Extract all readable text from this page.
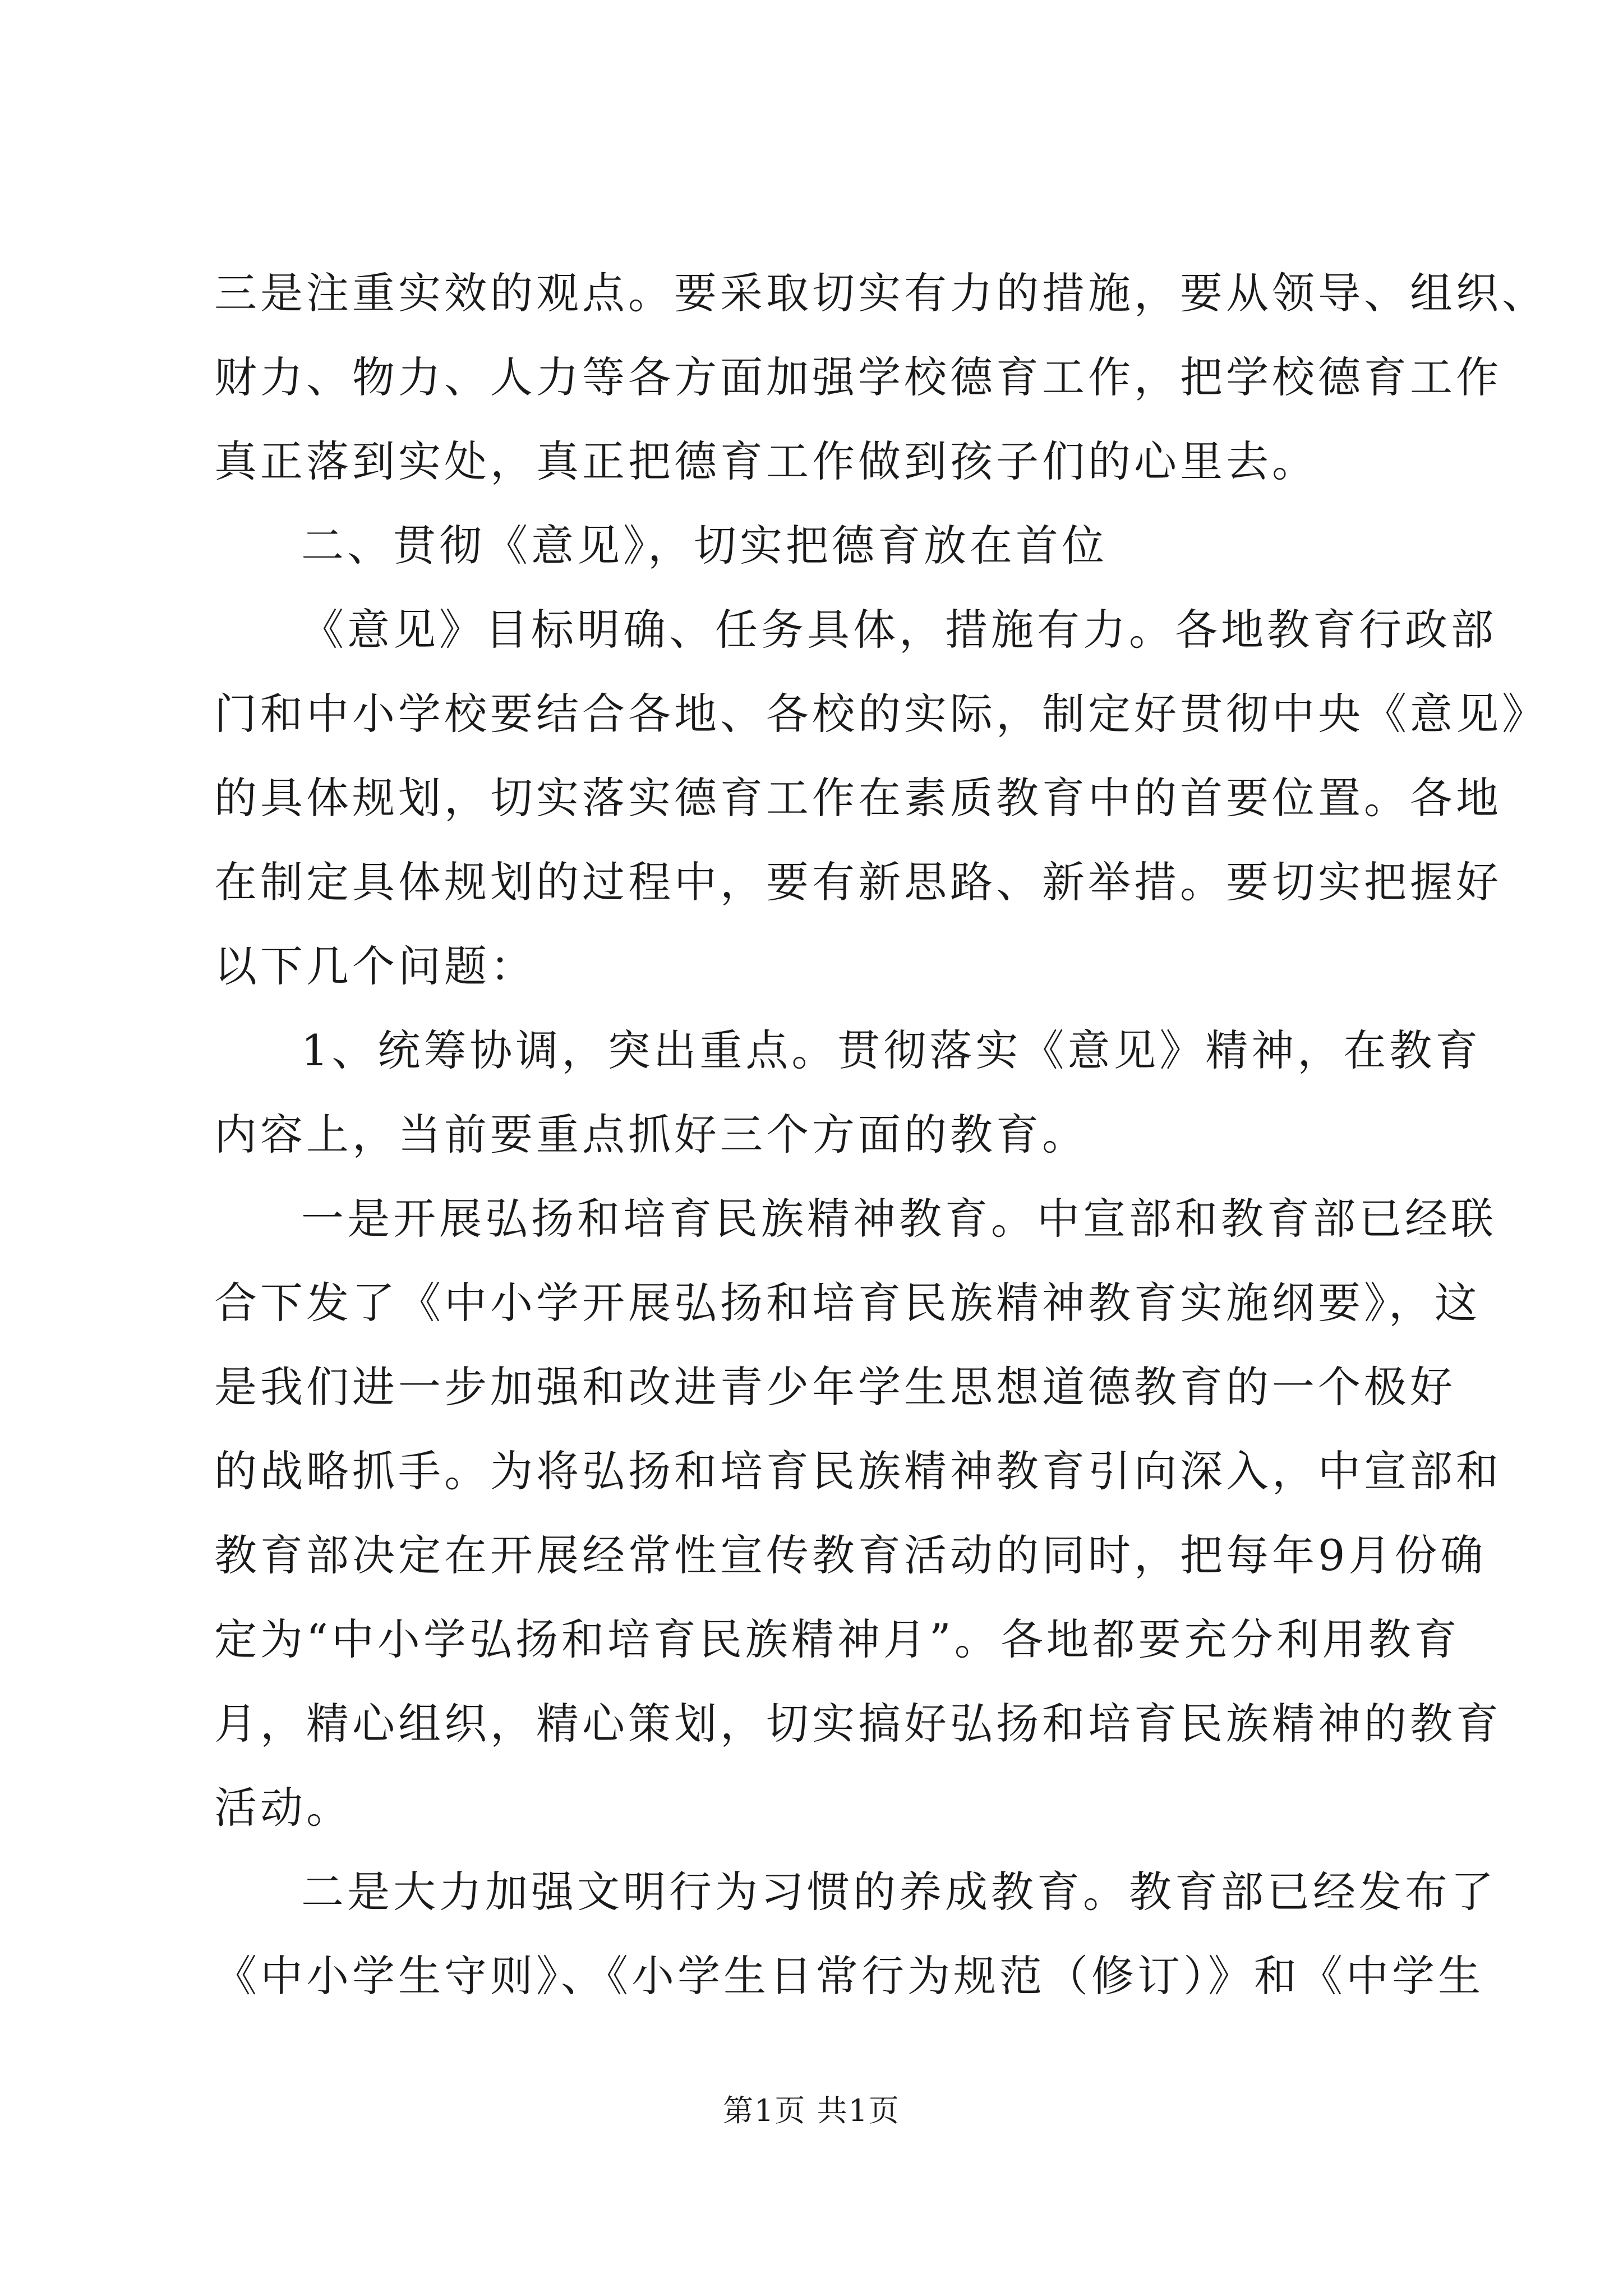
三是注重实效的观点。要采取切实有力的措施，要从领导、组织、
财力、物力、人力等各方面加强学校德育工作，把学校德育工作
真正落到实处，真正把德育工作做到孩子们的心里去。
二、贯彻《意见》，切实把德育放在首位
《意见》目标明确、任务具体，措施有力。各地教育行政部
门和中小学校要结合各地、各校的实际，制定好贯彻中央《意见》
的具体规划，切实落实德育工作在素质教育中的首要位置。各地
在制定具体规划的过程中，要有新思路、新举措。要切实把握好
以下几个问题：
1、统筹协调，突出重点。贯彻落实《意见》精神，在教育
内容上，当前要重点抓好三个方面的教育。
一是开展弘扬和培育民族精神教育。中宣部和教育部已经联
合下发了《中小学开展弘扬和培育民族精神教育实施纲要》，这
是我们进一步加强和改进青少年学生思想道德教育的一个极好
的战略抓手。为将弘扬和培育民族精神教育引向深入，中宣部和
教育部决定在开展经常性宣传教育活动的同时，把每年9月份确
定为“中小学弘扬和培育民族精神月”。各地都要充分利用教育
月，精心组织，精心策划，切实搞好弘扬和培育民族精神的教育
活动。
二是大力加强文明行为习惯的养成教育。教育部已经发布了
《中小学生守则》、《小学生日常行为规范（修订）》和《中学生
第1页 共1页
